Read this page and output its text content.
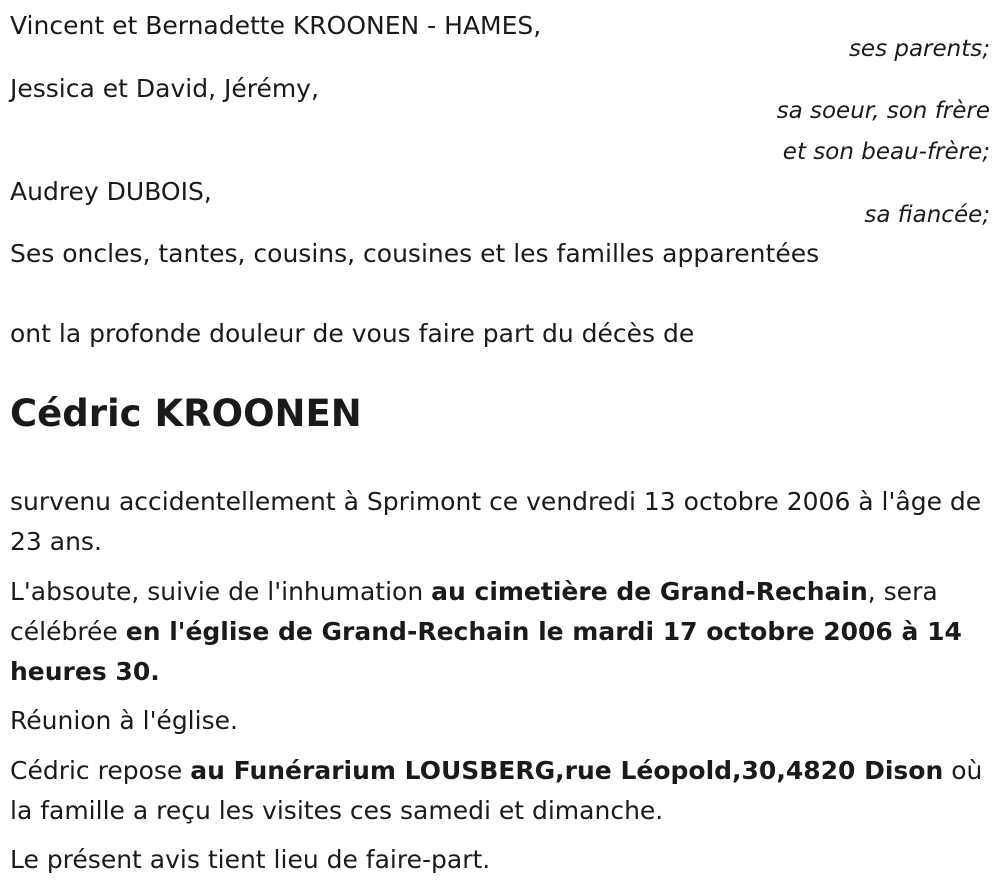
Vincent et Bernadette KROONEN - HAMES,
ses parents;
Jessica et David, Jérémy,
sa soeur, son frère
et son beau-frère;
Audrey DUBOIS,
sa fiancée;
Ses oncles, tantes, cousins, cousines et les familles apparentées
ont la profonde douleur de vous faire part du décès de
Cédric KROONEN
survenu accidentellement à Sprimont ce vendredi 13 octobre 2006 à l'âge de 23 ans.
L'absoute, suivie de l'inhumation au cimetière de Grand-Rechain, sera célébrée en l'église de Grand-Rechain le mardi 17 octobre 2006 à 14 heures 30.
Réunion à l'église.
Cédric repose au Funérarium LOUSBERG,rue Léopold,30,4820 Dison où la famille a reçu les visites ces samedi et dimanche.
Le présent avis tient lieu de faire-part.
